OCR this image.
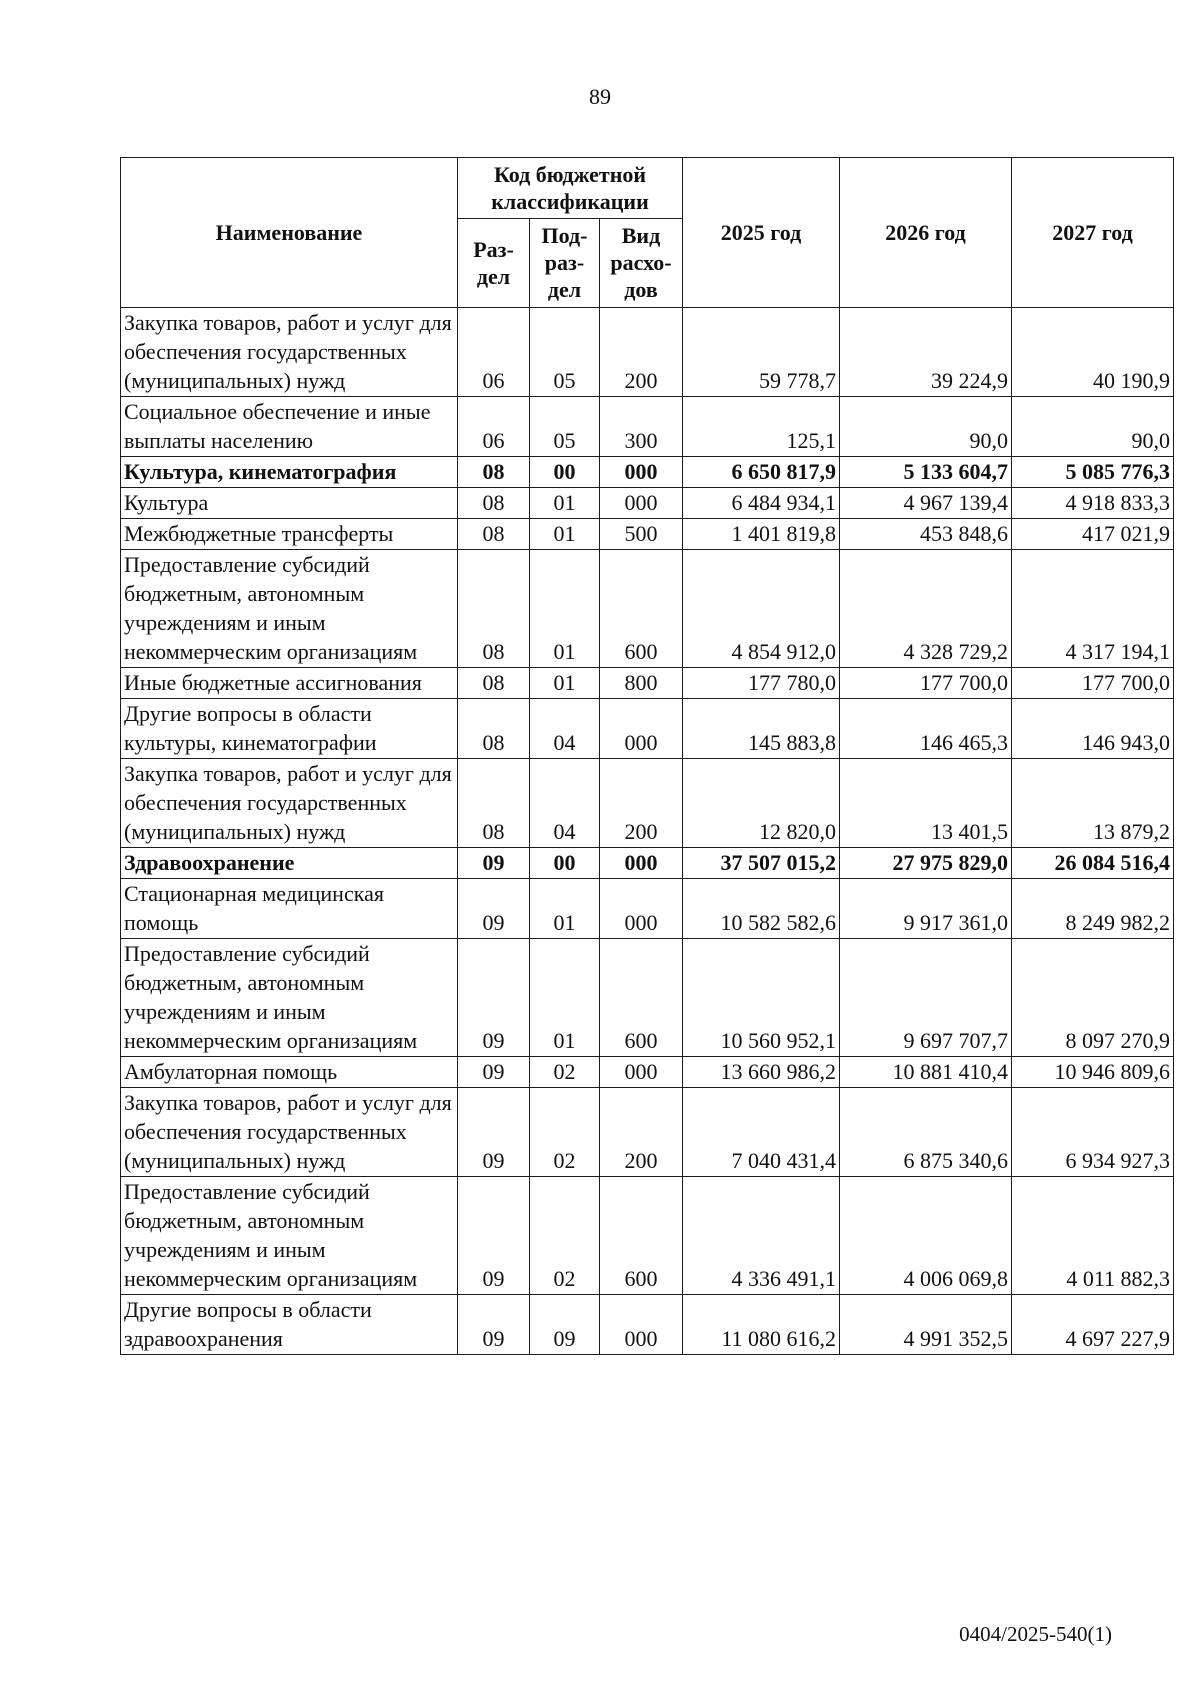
89
Наименование	Код бюджетной классификации			2025 год	2026 год	2027 год
	Раз-дел	Под-раз-дел	Вид расхо-дов			
Закупка товаров, работ и услуг для обеспечения государственных (муниципальных) нужд	06	05	200	59 778,7	39 224,9	40 190,9
Социальное обеспечение и иные выплаты населению	06	05	300	125,1	90,0	90,0
Культура, кинематография	08	00	000	6 650 817,9	5 133 604,7	5 085 776,3
Культура	08	01	000	6 484 934,1	4 967 139,4	4 918 833,3
Межбюджетные трансферты	08	01	500	1 401 819,8	453 848,6	417 021,9
Предоставление субсидий бюджетным, автономным учреждениям и иным некоммерческим организациям	08	01	600	4 854 912,0	4 328 729,2	4 317 194,1
Иные бюджетные ассигнования	08	01	800	177 780,0	177 700,0	177 700,0
Другие вопросы в области культуры, кинематографии	08	04	000	145 883,8	146 465,3	146 943,0
Закупка товаров, работ и услуг для обеспечения государственных (муниципальных) нужд	08	04	200	12 820,0	13 401,5	13 879,2
Здравоохранение	09	00	000	37 507 015,2	27 975 829,0	26 084 516,4
Стационарная медицинская помощь	09	01	000	10 582 582,6	9 917 361,0	8 249 982,2
Предоставление субсидий бюджетным, автономным учреждениям и иным некоммерческим организациям	09	01	600	10 560 952,1	9 697 707,7	8 097 270,9
Амбулаторная помощь	09	02	000	13 660 986,2	10 881 410,4	10 946 809,6
Закупка товаров, работ и услуг для обеспечения государственных (муниципальных) нужд	09	02	200	7 040 431,4	6 875 340,6	6 934 927,3
Предоставление субсидий бюджетным, автономным учреждениям и иным некоммерческим организациям	09	02	600	4 336 491,1	4 006 069,8	4 011 882,3
Другие вопросы в области здравоохранения	09	09	000	11 080 616,2	4 991 352,5	4 697 227,9
0404/2025-540(1)
